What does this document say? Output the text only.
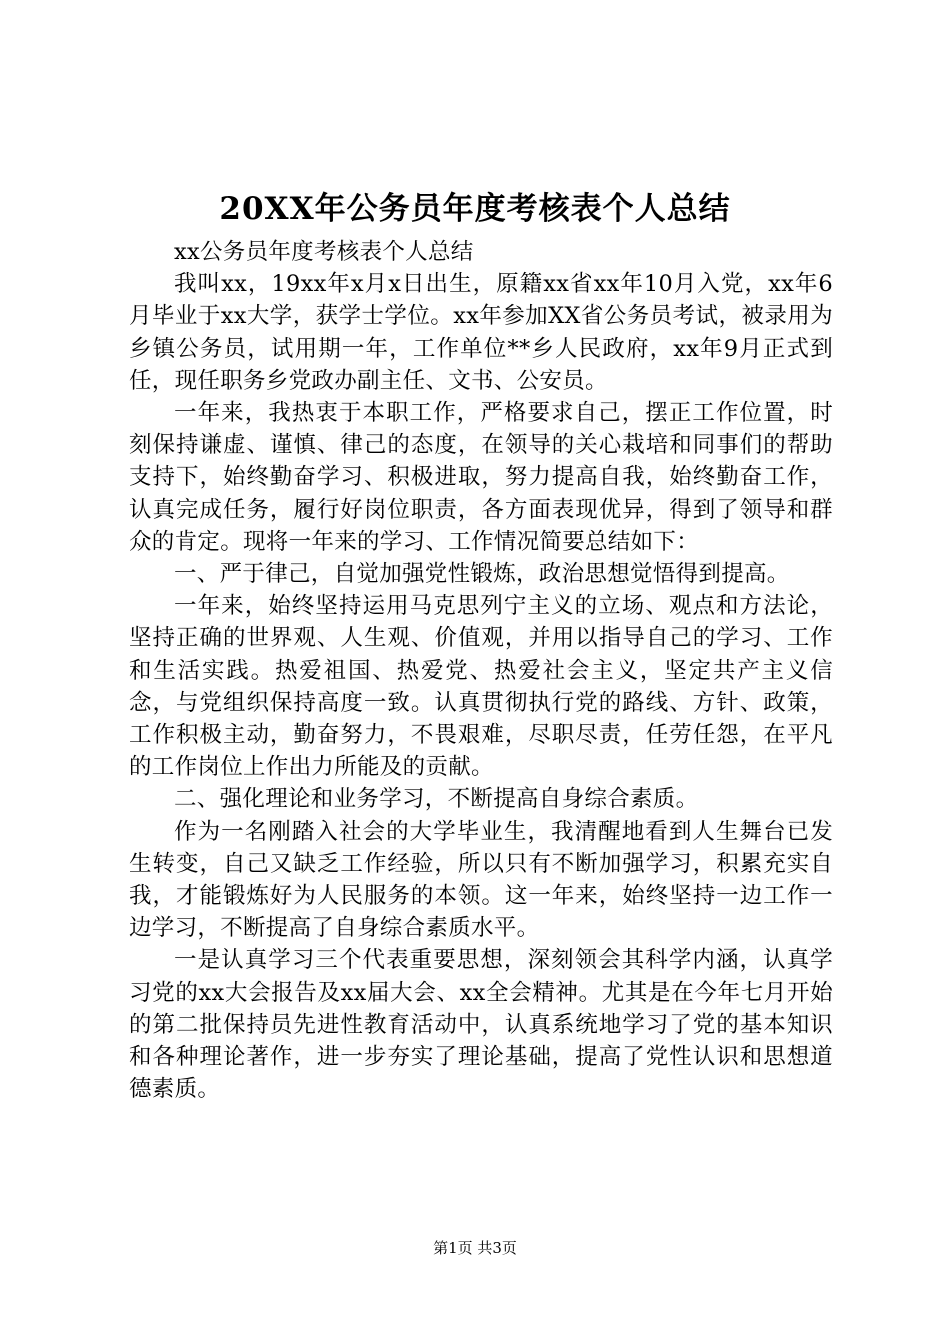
20XX年公务员年度考核表个人总结

xx公务员年度考核表个人总结

我叫xx，19xx年x月x日出生，原籍xx省xx年10月入党，xx年6月毕业于xx大学，获学士学位。xx年参加XX省公务员考试，被录用为乡镇公务员，试用期一年，工作单位**乡人民政府，xx年9月正式到任，现任职务乡党政办副主任、文书、公安员。

一年来，我热衷于本职工作，严格要求自己，摆正工作位置，时刻保持谦虚、谨慎、律己的态度，在领导的关心栽培和同事们的帮助支持下，始终勤奋学习、积极进取，努力提高自我，始终勤奋工作，认真完成任务，履行好岗位职责，各方面表现优异，得到了领导和群众的肯定。现将一年来的学习、工作情况简要总结如下：

一、严于律己，自觉加强党性锻炼，政治思想觉悟得到提高。

一年来，始终坚持运用马克思列宁主义的立场、观点和方法论，坚持正确的世界观、人生观、价值观，并用以指导自己的学习、工作和生活实践。热爱祖国、热爱党、热爱社会主义，坚定共产主义信念，与党组织保持高度一致。认真贯彻执行党的路线、方针、政策，工作积极主动，勤奋努力，不畏艰难，尽职尽责，任劳任怨，在平凡的工作岗位上作出力所能及的贡献。

二、强化理论和业务学习，不断提高自身综合素质。

作为一名刚踏入社会的大学毕业生，我清醒地看到人生舞台已发生转变，自己又缺乏工作经验，所以只有不断加强学习，积累充实自我，才能锻炼好为人民服务的本领。这一年来，始终坚持一边工作一边学习，不断提高了自身综合素质水平。

一是认真学习三个代表重要思想，深刻领会其科学内涵，认真学习党的xx大会报告及xx届大会、xx全会精神。尤其是在今年七月开始的第二批保持员先进性教育活动中，认真系统地学习了党的基本知识和各种理论著作，进一步夯实了理论基础，提高了党性认识和思想道德素质。

第1页 共3页
